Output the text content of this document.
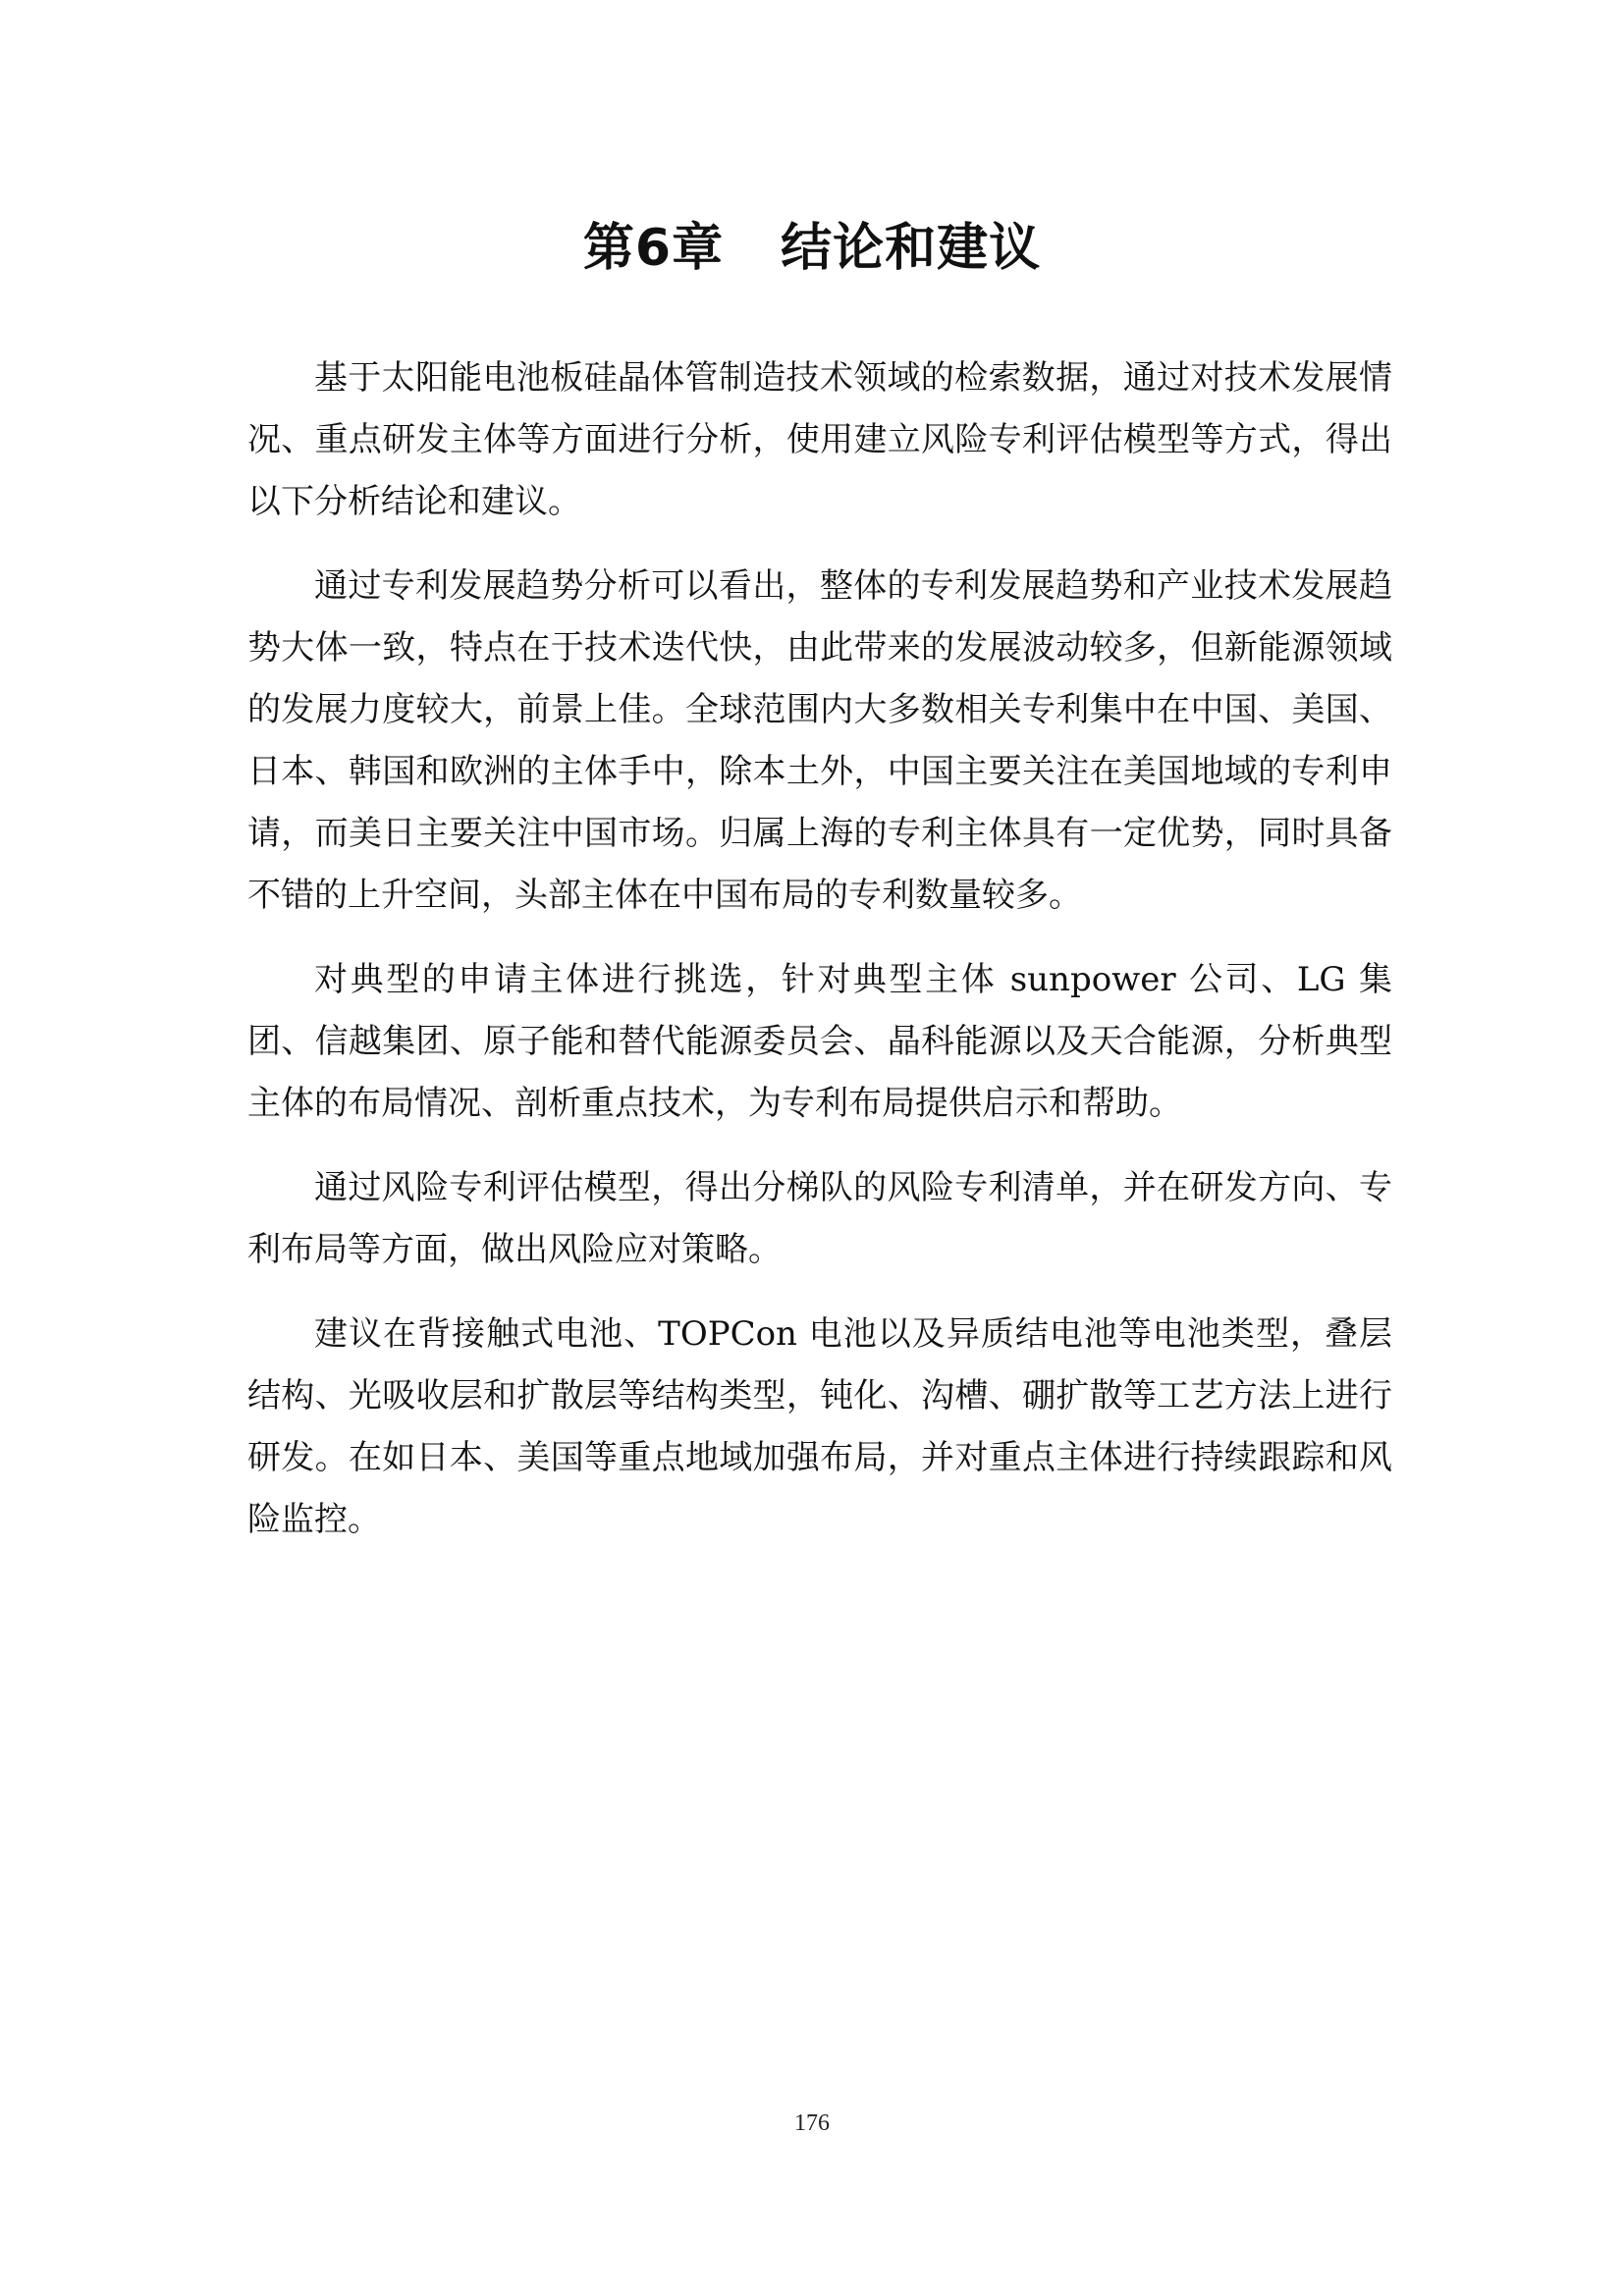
第6章 结论和建议

基于太阳能电池板硅晶体管制造技术领域的检索数据，通过对技术发展情况、重点研发主体等方面进行分析，使用建立风险专利评估模型等方式，得出以下分析结论和建议。

通过专利发展趋势分析可以看出，整体的专利发展趋势和产业技术发展趋势大体一致，特点在于技术迭代快，由此带来的发展波动较多，但新能源领域的发展力度较大，前景上佳。全球范围内大多数相关专利集中在中国、美国、日本、韩国和欧洲的主体手中，除本土外，中国主要关注在美国地域的专利申请，而美日主要关注中国市场。归属上海的专利主体具有一定优势，同时具备不错的上升空间，头部主体在中国布局的专利数量较多。

对典型的申请主体进行挑选，针对典型主体 sunpower 公司、LG 集团、信越集团、原子能和替代能源委员会、晶科能源以及天合能源，分析典型主体的布局情况、剖析重点技术，为专利布局提供启示和帮助。

通过风险专利评估模型，得出分梯队的风险专利清单，并在研发方向、专利布局等方面，做出风险应对策略。

建议在背接触式电池、TOPCon 电池以及异质结电池等电池类型，叠层结构、光吸收层和扩散层等结构类型，钝化、沟槽、硼扩散等工艺方法上进行研发。在如日本、美国等重点地域加强布局，并对重点主体进行持续跟踪和风险监控。

176
